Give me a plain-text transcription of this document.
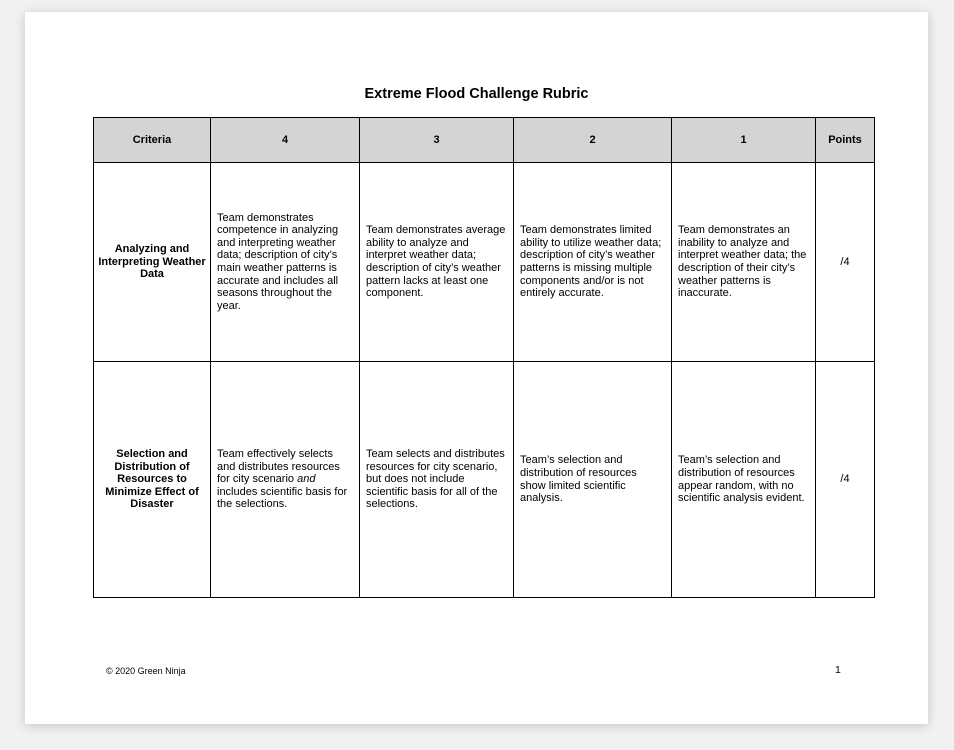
Extreme Flood Challenge Rubric
Criteria	4	3	2	1	Points
Analyzing and Interpreting Weather Data	Team demonstrates competence in analyzing and interpreting weather data; description of city’s main weather patterns is accurate and includes all seasons throughout the year.	Team demonstrates average ability to analyze and interpret weather data; description of city’s weather pattern lacks at least one component.	Team demonstrates limited ability to utilize weather data; description of city’s weather patterns is missing multiple components and/or is not entirely accurate.	Team demonstrates an inability to analyze and interpret weather data; the description of their city’s weather patterns is inaccurate.	/4
Selection and Distribution of Resources to Minimize Effect of Disaster	Team effectively selects and distributes resources for city scenario and includes scientific basis for the selections.	Team selects and distributes resources for city scenario, but does not include scientific basis for all of the selections.	Team’s selection and distribution of resources show limited scientific analysis.	Team’s selection and distribution of resources appear random, with no scientific analysis evident.	/4
© 2020 Green Ninja	1
